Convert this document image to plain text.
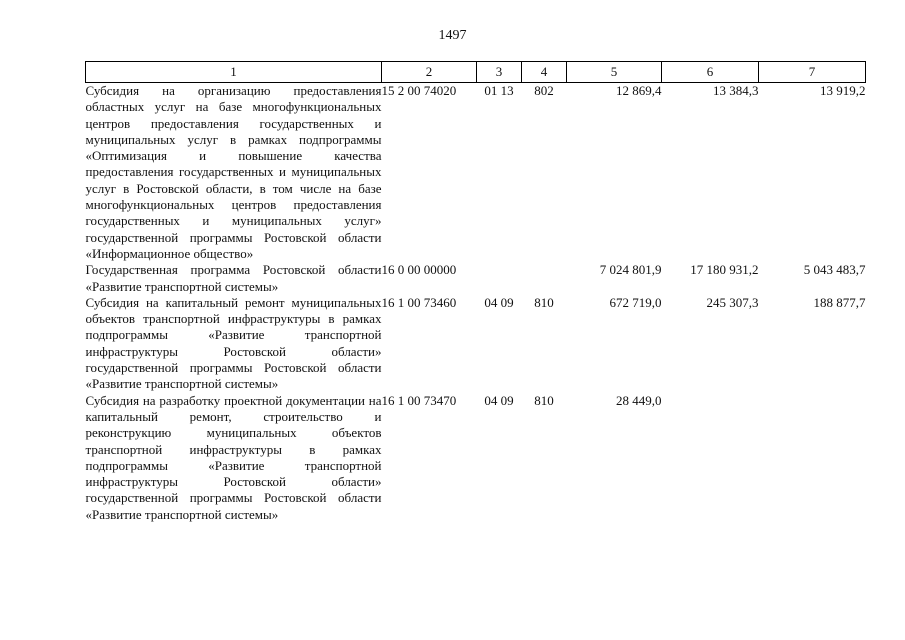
1497
1	2	3	4	5	6	7
Субсидия на организацию предоставления областных услуг на базе многофункциональных центров предоставления государственных и муниципальных услуг в рамках подпрограммы «Оптимизация и повышение качества предоставления государственных и муниципальных услуг в Ростовской области, в том числе на базе многофункциональных центров предоставления государственных и муниципальных услуг» государственной программы Ростовской области «Информационное общество»	15 2 00 74020	01 13	802	12 869,4	13 384,3	13 919,2
Государственная программа Ростовской области «Развитие транспортной системы»	16 0 00 00000			7 024 801,9	17 180 931,2	5 043 483,7
Субсидия на капитальный ремонт муниципальных объектов транспортной инфраструктуры в рамках подпрограммы «Развитие транспортной инфраструктуры Ростовской области» государственной программы Ростовской области «Развитие транспортной системы»	16 1 00 73460	04 09	810	672 719,0	245 307,3	188 877,7
Субсидия на разработку проектной документации на капитальный ремонт, строительство и реконструкцию муниципальных объектов транспортной инфраструктуры в рамках подпрограммы «Развитие транспортной инфраструктуры Ростовской области» государственной программы Ростовской области «Развитие транспортной системы»	16 1 00 73470	04 09	810	28 449,0		
